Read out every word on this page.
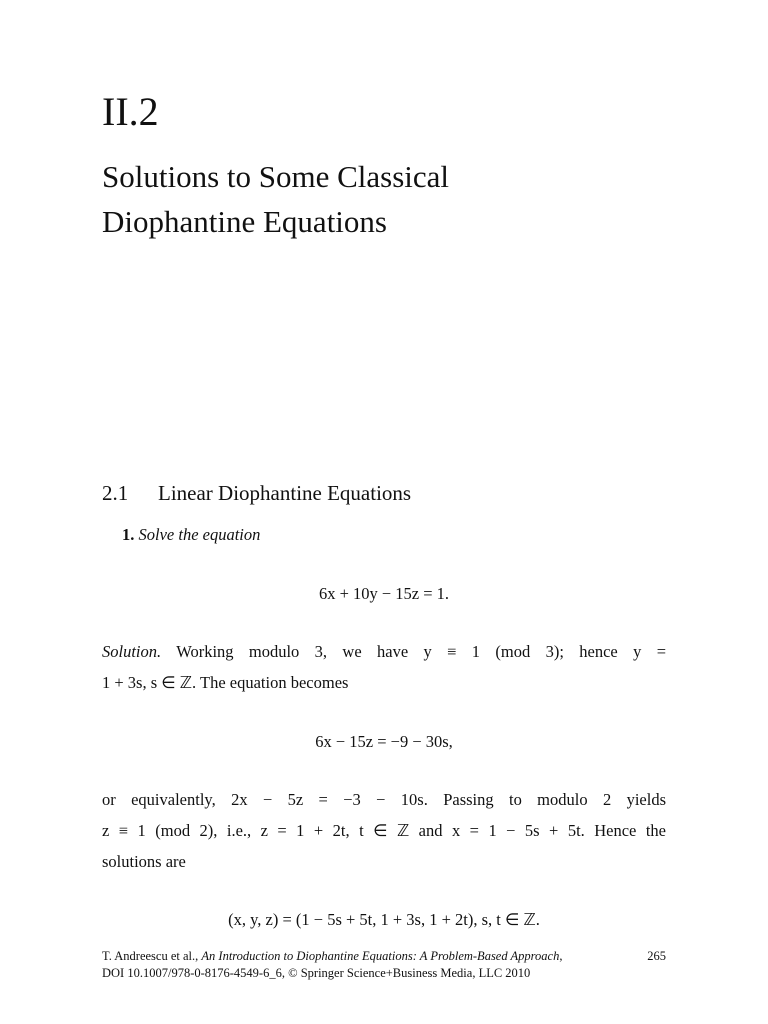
II.2
Solutions to Some Classical
Diophantine Equations
2.1 Linear Diophantine Equations
1. Solve the equation
6x + 10y − 15z = 1.
Solution. Working modulo 3, we have y ≡ 1 (mod 3); hence y =
1 + 3s, s ∈ ℤ. The equation becomes
6x − 15z = −9 − 30s,
or equivalently, 2x − 5z = −3 − 10s. Passing to modulo 2 yields
z ≡ 1 (mod 2), i.e., z = 1 + 2t, t ∈ ℤ and x = 1 − 5s + 5t. Hence the
solutions are
(x, y, z) = (1 − 5s + 5t, 1 + 3s, 1 + 2t), s, t ∈ ℤ.
T. Andreescu et al., An Introduction to Diophantine Equations: A Problem-Based Approach,	265
DOI 10.1007/978-0-8176-4549-6_6, © Springer Science+Business Media, LLC 2010
